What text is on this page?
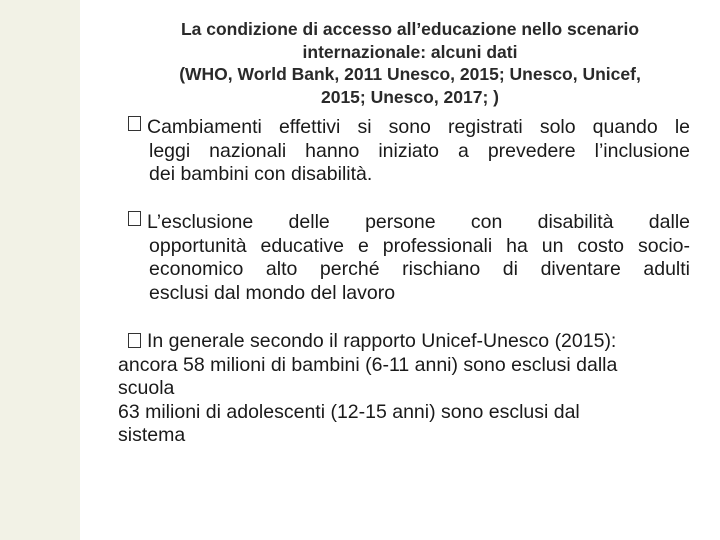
La condizione di accesso all’educazione nello scenario
internazionale: alcuni dati
(WHO, World Bank, 2011 Unesco, 2015; Unesco, Unicef,
2015; Unesco, 2017; )
Cambiamenti effettivi si sono registrati solo quando le
leggi nazionali hanno iniziato a prevedere l’inclusione
dei bambini con disabilità.
L’esclusione delle persone con disabilità dalle
opportunità educative e professionali ha un costo socio-
economico alto perché rischiano di diventare adulti
esclusi dal mondo del lavoro
In generale secondo il rapporto Unicef-Unesco (2015):
ancora 58 milioni di bambini (6-11 anni) sono esclusi dalla
scuola
63 milioni di adolescenti (12-15 anni) sono esclusi dal
sistema
